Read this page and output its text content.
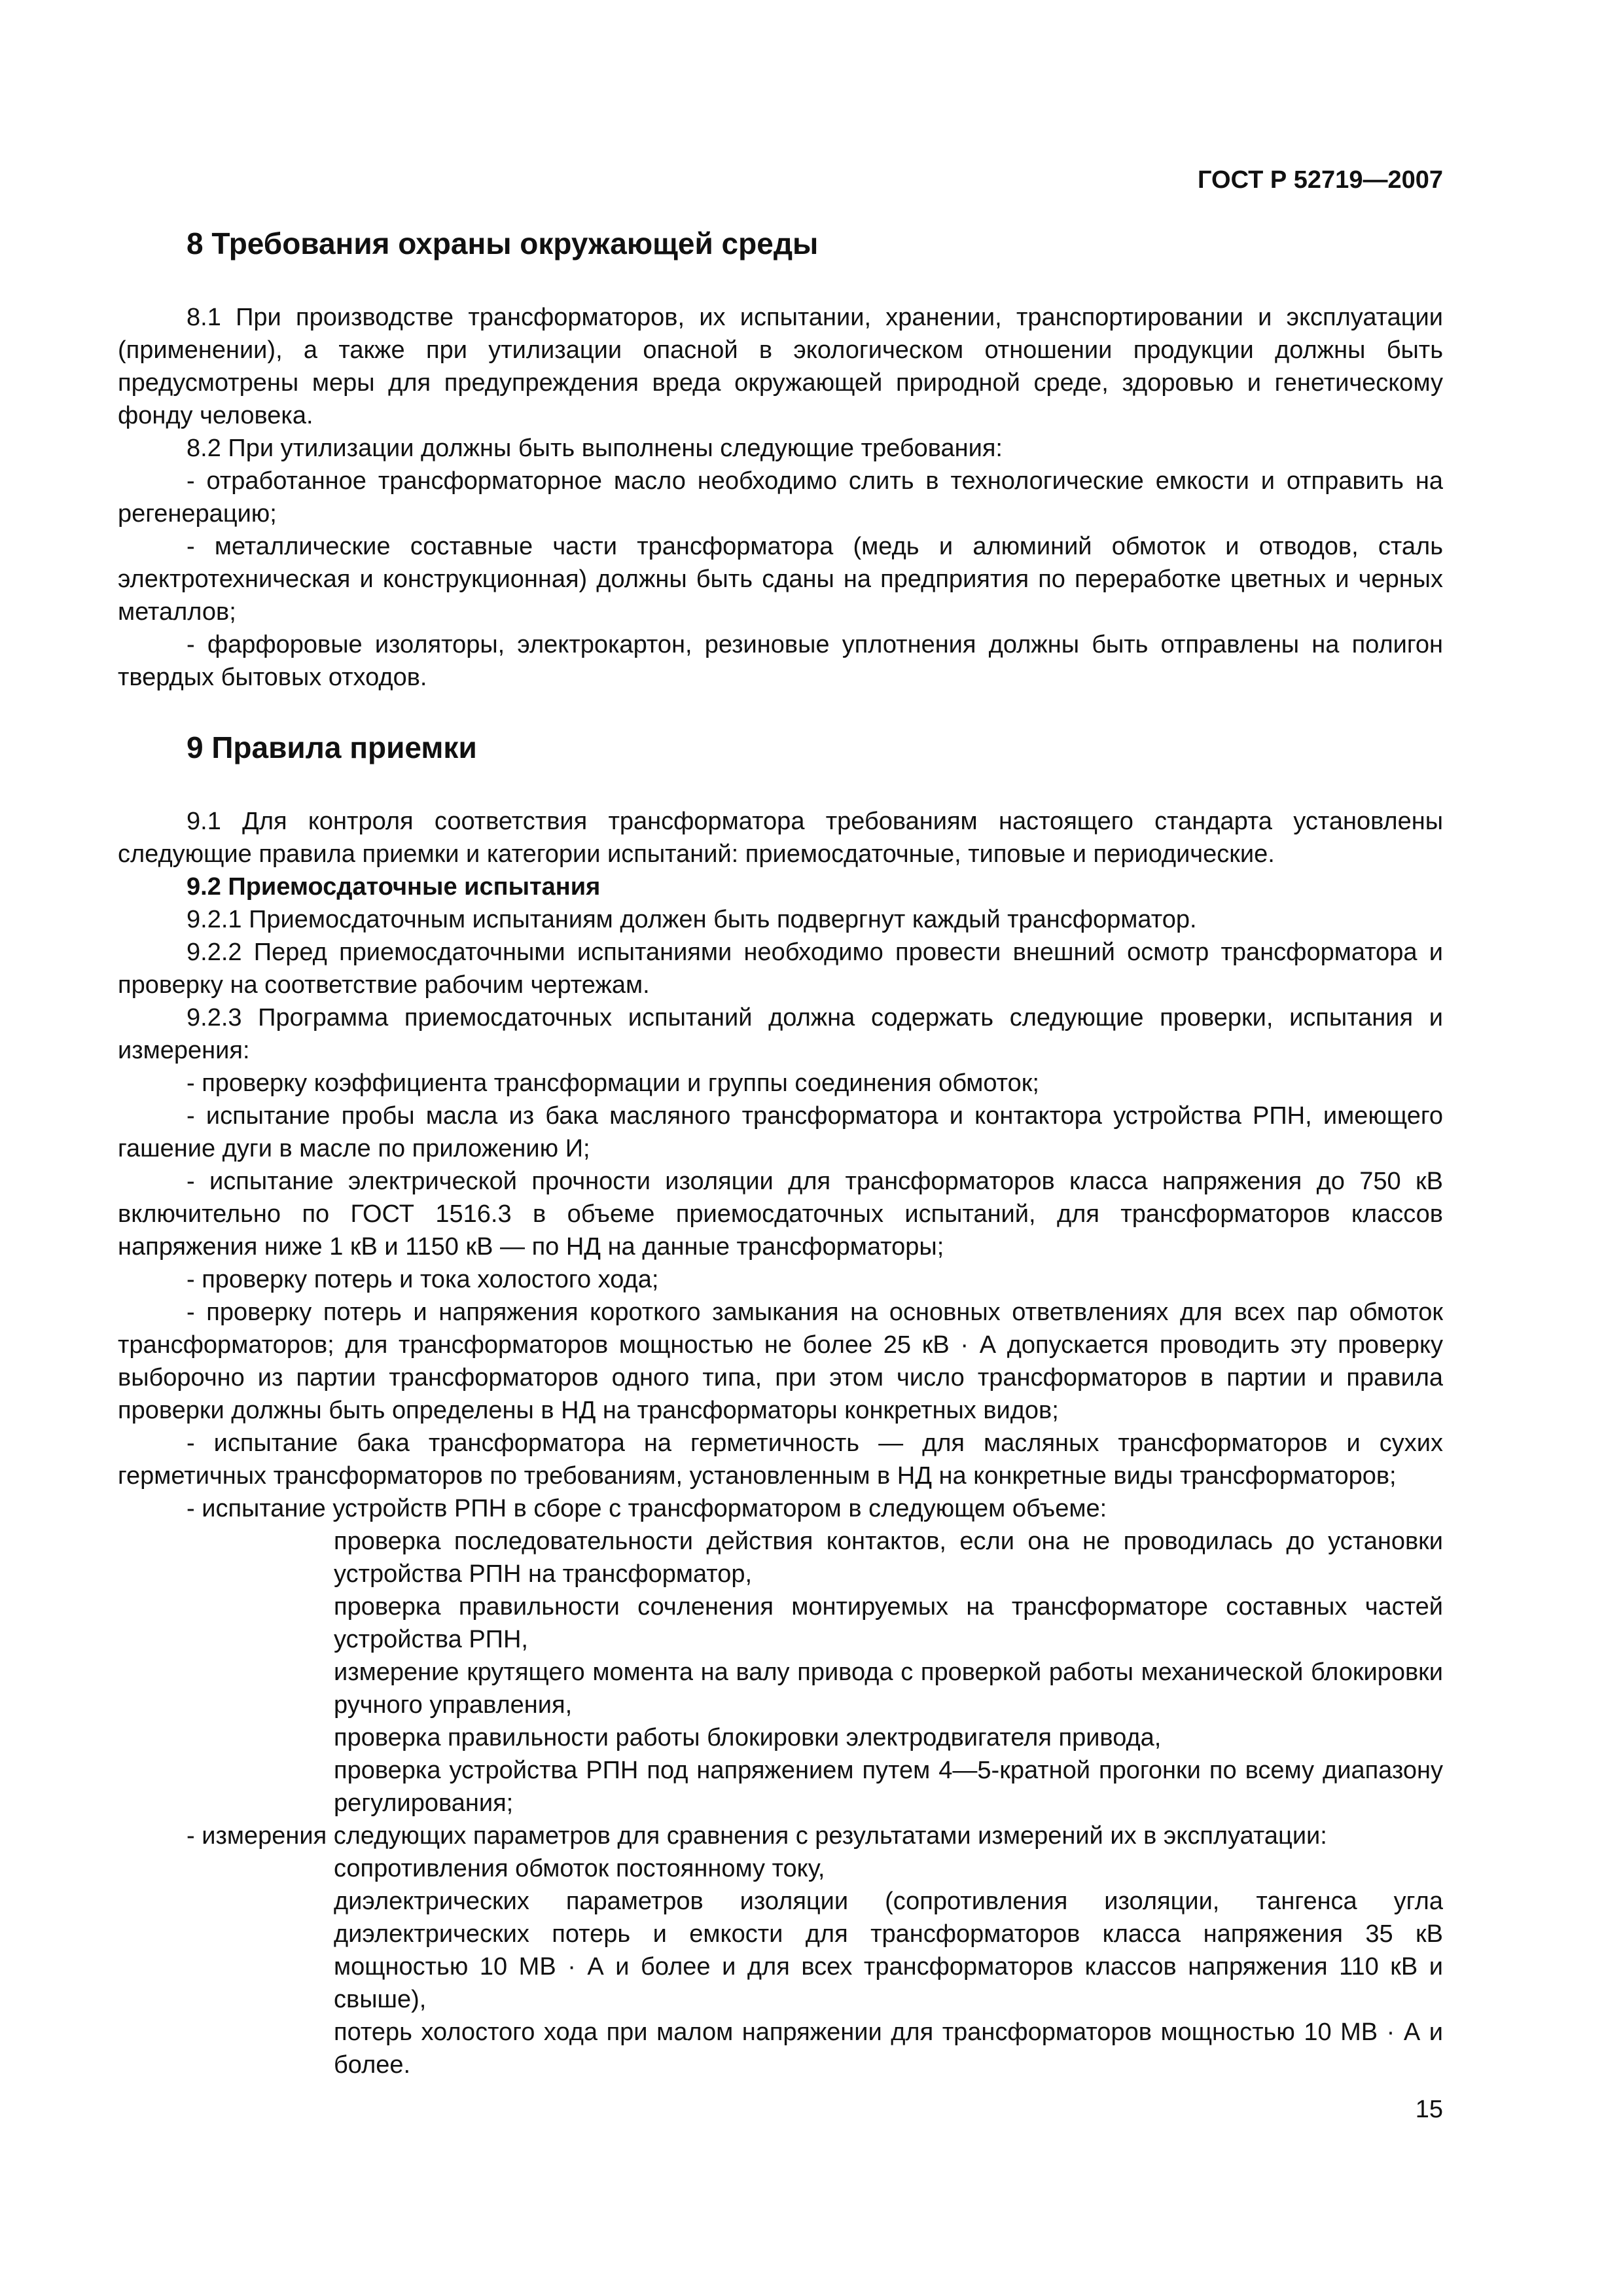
ГОСТ Р 52719—2007
8 Требования охраны окружающей среды

8.1 При производстве трансформаторов, их испытании, хранении, транспортировании и эксплуатации (применении), а также при утилизации опасной в экологическом отношении продукции должны быть предусмотрены меры для предупреждения вреда окружающей природной среде, здоровью и генетическому фонду человека.

8.2 При утилизации должны быть выполнены следующие требования:

- отработанное трансформаторное масло необходимо слить в технологические емкости и отправить на регенерацию;

- металлические составные части трансформатора (медь и алюминий обмоток и отводов, сталь электротехническая и конструкционная) должны быть сданы на предприятия по переработке цветных и черных металлов;

- фарфоровые изоляторы, электрокартон, резиновые уплотнения должны быть отправлены на полигон твердых бытовых отходов.

9 Правила приемки

9.1 Для контроля соответствия трансформатора требованиям настоящего стандарта установлены следующие правила приемки и категории испытаний: приемосдаточные, типовые и периодические.

9.2 Приемосдаточные испытания

9.2.1 Приемосдаточным испытаниям должен быть подвергнут каждый трансформатор.

9.2.2 Перед приемосдаточными испытаниями необходимо провести внешний осмотр трансформатора и проверку на соответствие рабочим чертежам.

9.2.3 Программа приемосдаточных испытаний должна содержать следующие проверки, испытания и измерения:

- проверку коэффициента трансформации и группы соединения обмоток;

- испытание пробы масла из бака масляного трансформатора и контактора устройства РПН, имеющего гашение дуги в масле по приложению И;

- испытание электрической прочности изоляции для трансформаторов класса напряжения до 750 кВ включительно по ГОСТ 1516.3 в объеме приемосдаточных испытаний, для трансформаторов классов напряжения ниже 1 кВ и 1150 кВ — по НД на данные трансформаторы;

- проверку потерь и тока холостого хода;

- проверку потерь и напряжения короткого замыкания на основных ответвлениях для всех пар обмоток трансформаторов; для трансформаторов мощностью не более 25 кВ · А допускается проводить эту проверку выборочно из партии трансформаторов одного типа, при этом число трансформаторов в партии и правила проверки должны быть определены в НД на трансформаторы конкретных видов;

- испытание бака трансформатора на герметичность — для масляных трансформаторов и сухих герметичных трансформаторов по требованиям, установленным в НД на конкретные виды трансформаторов;

- испытание устройств РПН в сборе с трансформатором в следующем объеме:

проверка последовательности действия контактов, если она не проводилась до установки устройства РПН на трансформатор,

проверка правильности сочленения монтируемых на трансформаторе составных частей устройства РПН,

измерение крутящего момента на валу привода с проверкой работы механической блокировки ручного управления,

проверка правильности работы блокировки электродвигателя привода,

проверка устройства РПН под напряжением путем 4—5-кратной прогонки по всему диапазону регулирования;

- измерения следующих параметров для сравнения с результатами измерений их в эксплуатации:

сопротивления обмоток постоянному току,

диэлектрических параметров изоляции (сопротивления изоляции, тангенса угла диэлектрических потерь и емкости для трансформаторов класса напряжения 35 кВ мощностью 10 МВ · А и более и для всех трансформаторов классов напряжения 110 кВ и свыше),

потерь холостого хода при малом напряжении для трансформаторов мощностью 10 МВ · А и более.

15
